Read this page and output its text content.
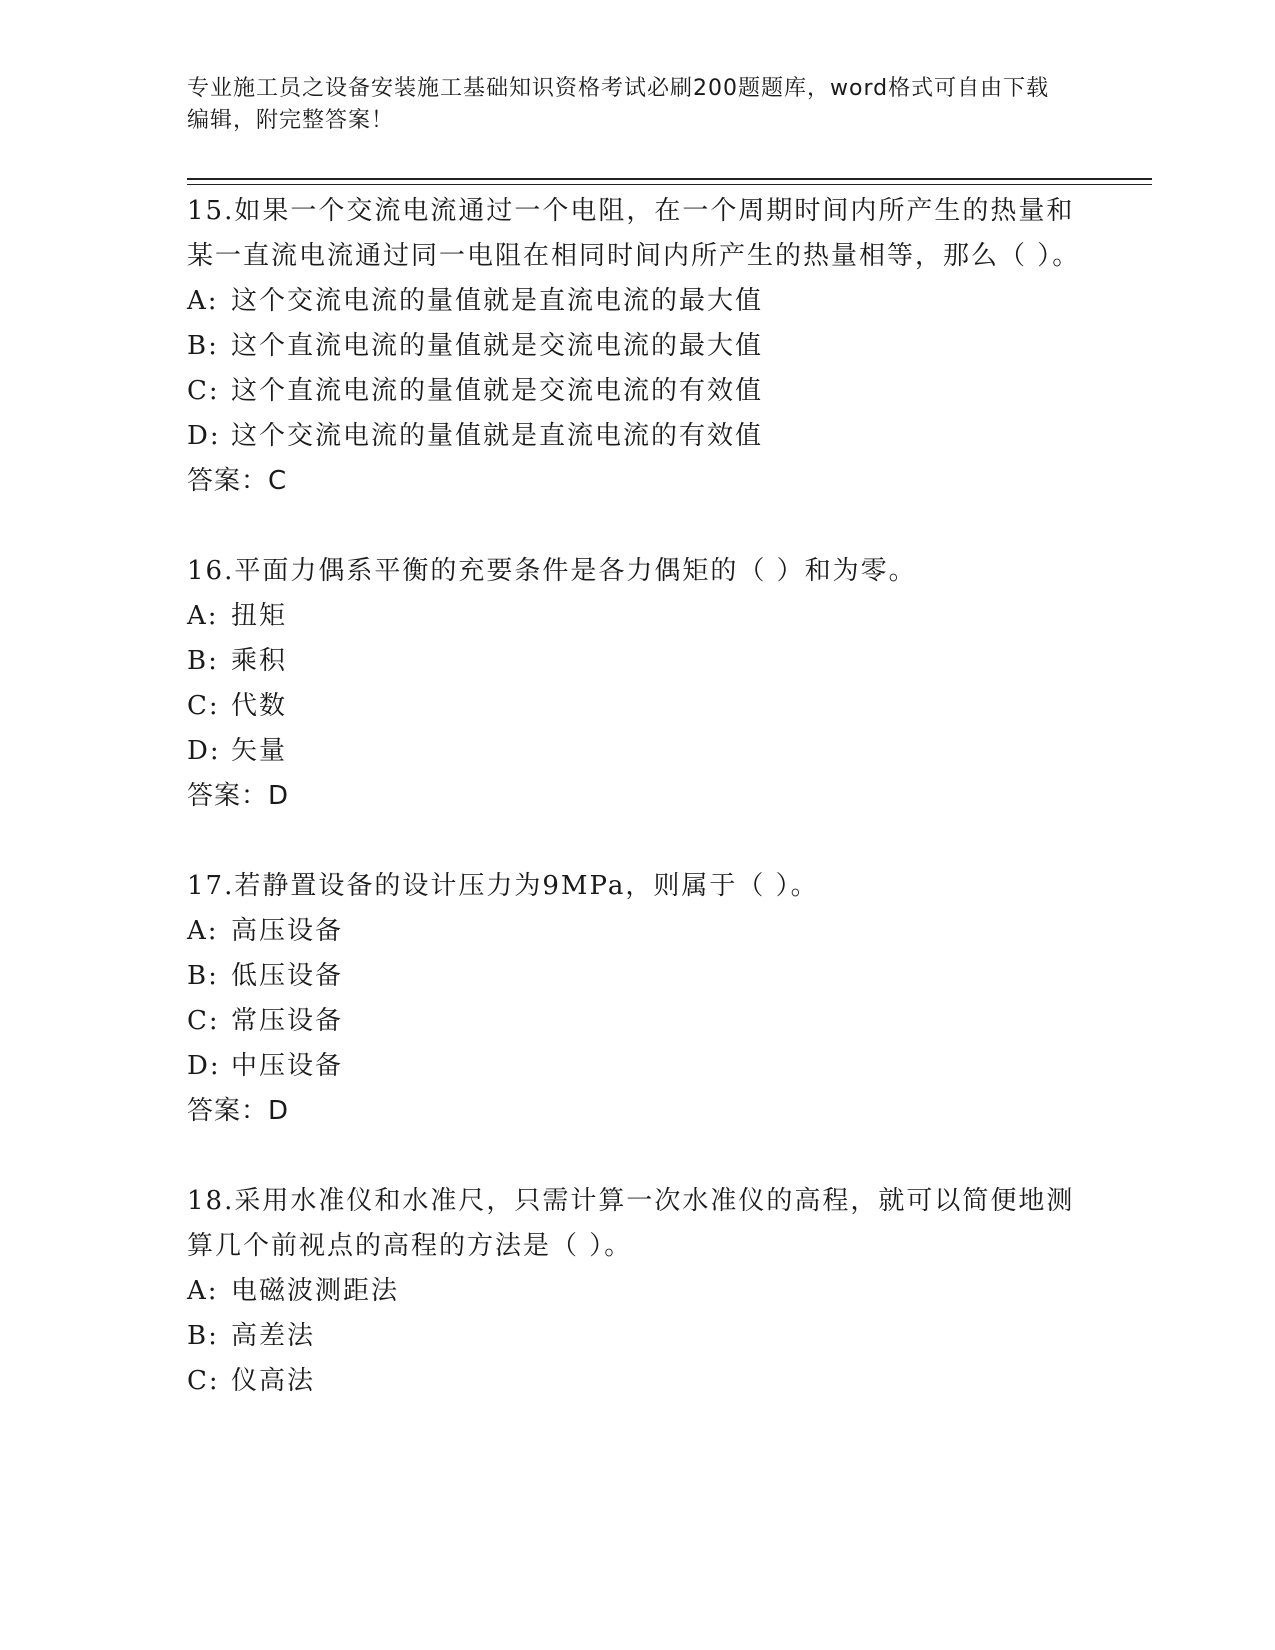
专业施工员之设备安装施工基础知识资格考试必刷200题题库，word格式可自由下载编辑，附完整答案！

15.如果一个交流电流通过一个电阻，在一个周期时间内所产生的热量和某一直流电流通过同一电阻在相同时间内所产生的热量相等，那么（ ）。

A: 这个交流电流的量值就是直流电流的最大值
B: 这个直流电流的量值就是交流电流的最大值
C: 这个直流电流的量值就是交流电流的有效值
D: 这个交流电流的量值就是直流电流的有效值
答案：C

16.平面力偶系平衡的充要条件是各力偶矩的（ ）和为零。

A: 扭矩
B: 乘积
C: 代数
D: 矢量
答案：D

17.若静置设备的设计压力为9MPa，则属于（ ）。

A: 高压设备
B: 低压设备
C: 常压设备
D: 中压设备
答案：D

18.采用水准仪和水准尺，只需计算一次水准仪的高程，就可以简便地测算几个前视点的高程的方法是（ ）。

A: 电磁波测距法
B: 高差法
C: 仪高法
